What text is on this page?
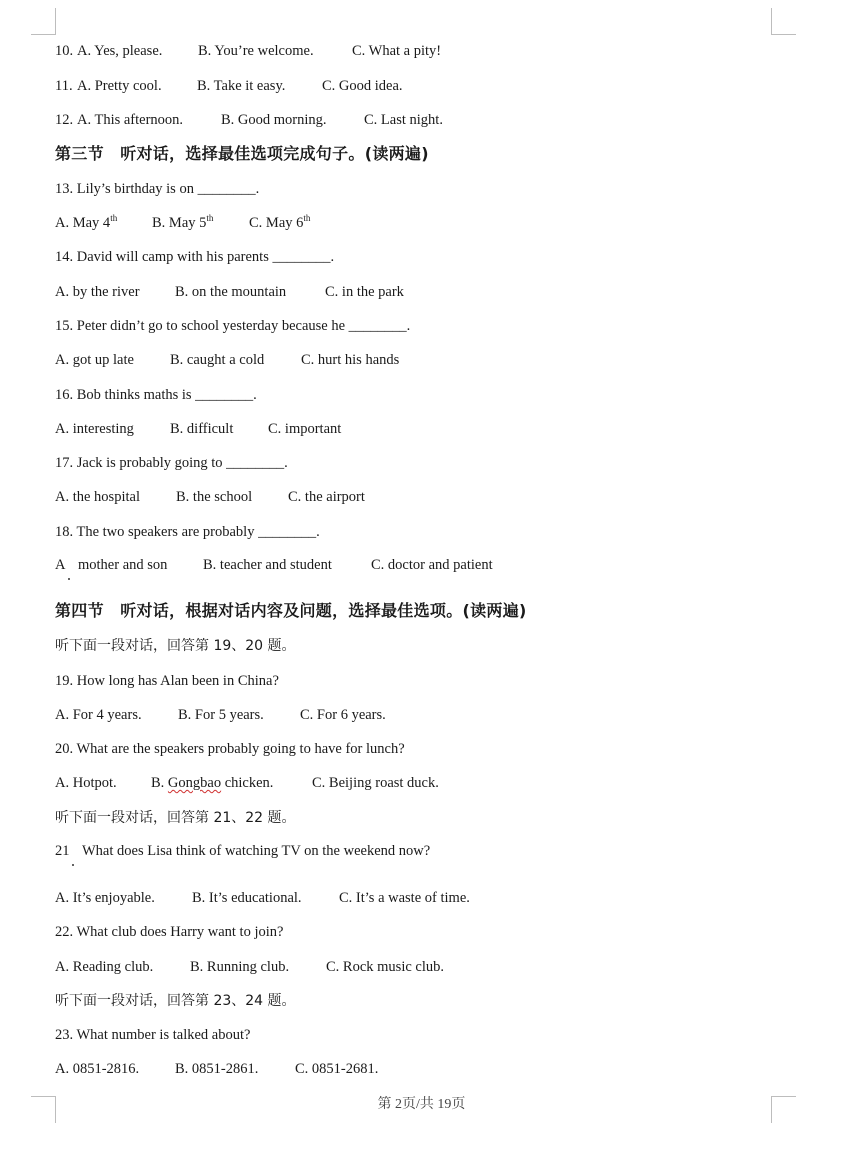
10. A. Yes, please. B. You’re welcome.	C. What a pity!
11. A. Pretty cool. B. Take it easy.	C. Good idea.
12. A. This afternoon.	B. Good morning.	C. Last night.
第三节　听对话，选择最佳选项完成句子。(读两遍)
13. Lily’s birthday is on ________.
A. May 4th B. May 5th C. May 6th
14. David will camp with his parents ________.
A. by the river B. on the mountain	C. in the park
15. Peter didn’t go to school yesterday because he ________.
A. got up late B. caught a cold	C. hurt his hands
16. Bob thinks maths is ________.
A. interesting B. difficult C. important
17. Jack is probably going to ________.
A. the hospital B. the school C. the airport
18. The two speakers are probably ________.
A mother and son B. teacher and student	C. doctor and patient
第四节　听对话，根据对话内容及问题，选择最佳选项。(读两遍)
听下面一段对话，回答第 19、20 题。
19. How long has Alan been in China?
A. For 4 years.	B. For 5 years. C. For 6 years.
20. What are the speakers probably going to have for lunch?
A. Hotpot. B. Gongbao chicken.	C. Beijing roast duck.
听下面一段对话，回答第 21、22 题。
21 What does Lisa think of watching TV on the weekend now?
A. It’s enjoyable.	B. It’s educational.	C. It’s a waste of time.
22. What club does Harry want to join?
A. Reading club.	B. Running club.	C. Rock music club.
听下面一段对话，回答第 23、24 题。
23. What number is talked about?
A. 0851-2816. B. 0851-2861.	C. 0851-2681.
第 2页/共 19页
